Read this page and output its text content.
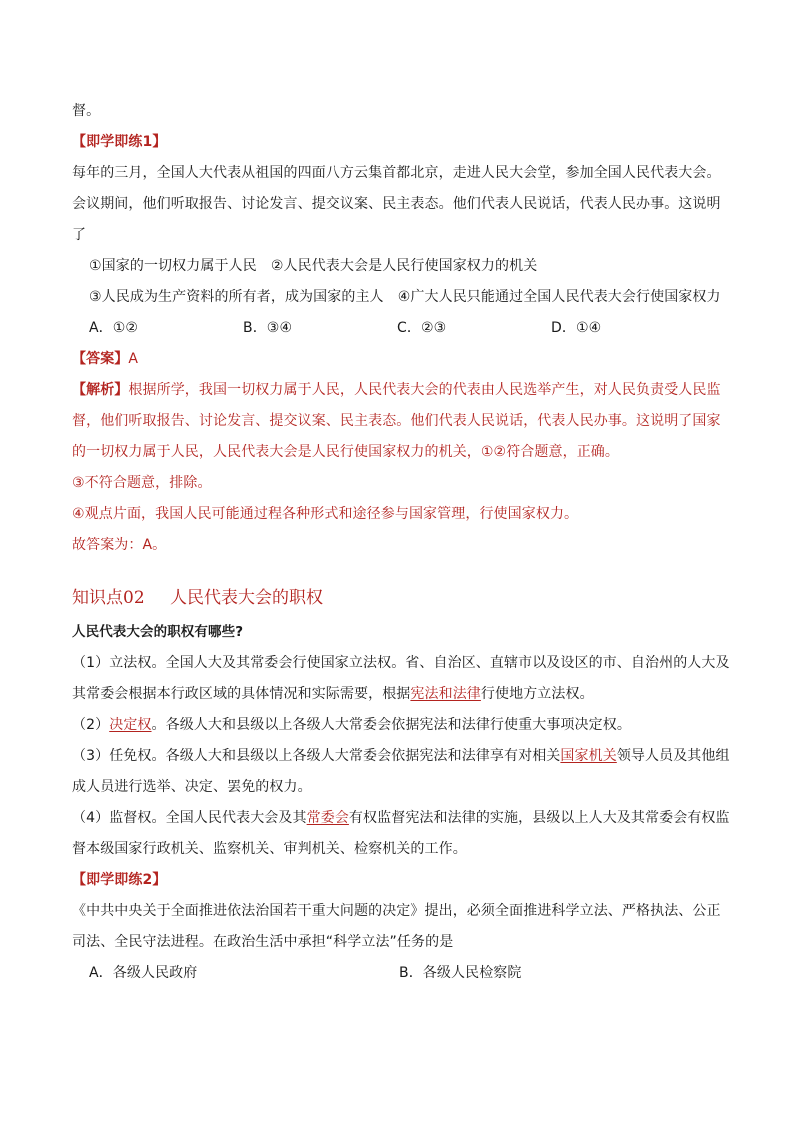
督。
【即学即练1】
每年的三月，全国人大代表从祖国的四面八方云集首都北京，走进人民大会堂，参加全国人民代表大会。
会议期间，他们听取报告、讨论发言、提交议案、民主表态。他们代表人民说话，代表人民办事。这说明
了
①国家的一切权力属于人民　②人民代表大会是人民行使国家权力的机关
③人民成为生产资料的所有者，成为国家的主人　④广大人民只能通过全国人民代表大会行使国家权力
A．①②	B．③④	C．②③	D．①④
【答案】A
【解析】根据所学，我国一切权力属于人民，人民代表大会的代表由人民选举产生，对人民负责受人民监
督，他们听取报告、讨论发言、提交议案、民主表态。他们代表人民说话，代表人民办事。这说明了国家
的一切权力属于人民，人民代表大会是人民行使国家权力的机关，①②符合题意，正确。
③不符合题意，排除。
④观点片面，我国人民可能通过程各种形式和途径参与国家管理，行使国家权力。
故答案为：A。
知识点02 人民代表大会的职权
人民代表大会的职权有哪些?
（1）立法权。全国人大及其常委会行使国家立法权。省、自治区、直辖市以及设区的市、自治州的人大及
其常委会根据本行政区域的具体情况和实际需要，根据宪法和法律行使地方立法权。
（2）决定权。各级人大和县级以上各级人大常委会依据宪法和法律行使重大事项决定权。
（3）任免权。各级人大和县级以上各级人大常委会依据宪法和法律享有对相关国家机关领导人员及其他组
成人员进行选举、决定、罢免的权力。
（4）监督权。全国人民代表大会及其常委会有权监督宪法和法律的实施，县级以上人大及其常委会有权监
督本级国家行政机关、监察机关、审判机关、检察机关的工作。
【即学即练2】
《中共中央关于全面推进依法治国若干重大问题的决定》提出，必须全面推进科学立法、严格执法、公正
司法、全民守法进程。在政治生活中承担“科学立法”任务的是
A．各级人民政府	B．各级人民检察院
